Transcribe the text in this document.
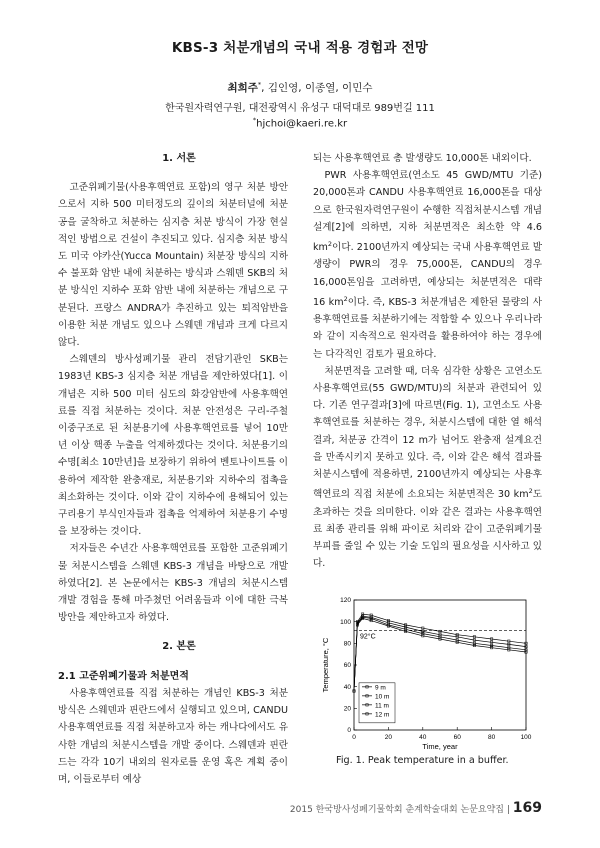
KBS-3 처분개념의 국내 적용 경험과 전망
최희주*, 김인영, 이종열, 이민수
한국원자력연구원, 대전광역시 유성구 대덕대로 989번길 111
*hjchoi@kaeri.re.kr

1. 서론

고준위폐기물(사용후핵연료 포함)의 영구 처분 방안으로서 지하 500 미터정도의 깊이의 처분터널에 처분공을 굴착하고 처분하는 심지층 처분 방식이 가장 현실적인 방법으로 건설이 추진되고 있다. 심지층 처분 방식도 미국 야카산(Yucca Mountain) 처분장 방식의 지하수 불포화 암반 내에 처분하는 방식과 스웨덴 SKB의 처분 방식인 지하수 포화 암반 내에 처분하는 개념으로 구분된다. 프랑스 ANDRA가 추진하고 있는 퇴적암반을 이용한 처분 개념도 있으나 스웨덴 개념과 크게 다르지 않다.

스웨덴의 방사성폐기물 관리 전담기관인 SKB는 1983년 KBS-3 심지층 처분 개념을 제안하였다[1]. 이 개념은 지하 500 미터 심도의 화강암반에 사용후핵연료를 직접 처분하는 것이다. 처분 안전성은 구리-주철 이중구조로 된 처분용기에 사용후핵연료를 넣어 10만년 이상 핵종 누출을 억제하겠다는 것이다. 처분용기의 수명[최소 10만년]을 보장하기 위하여 벤토나이트를 이용하여 제작한 완충재로, 처분용기와 지하수의 접촉을 최소화하는 것이다. 이와 같이 지하수에 용해되어 있는 구리용기 부식인자들과 접촉을 억제하여 처분용기 수명을 보장하는 것이다.

저자들은 수년간 사용후핵연료를 포함한 고준위폐기물 처분시스템을 스웨덴 KBS-3 개념을 바탕으로 개발하였다[2]. 본 논문에서는 KBS-3 개념의 처분시스템 개발 경험을 통해 마주쳤던 어려움들과 이에 대한 극복 방안을 제안하고자 하였다.

2. 본론

2.1 고준위폐기물과 처분면적

사용후핵연료를 직접 처분하는 개념인 KBS-3 처분방식은 스웨덴과 핀란드에서 실행되고 있으며, CANDU 사용후핵연료를 직접 처분하고자 하는 캐나다에서도 유사한 개념의 처분시스템을 개발 중이다. 스웨덴과 핀란드는 각각 10기 내외의 원자로를 운영 혹은 계획 중이며, 이들로부터 예상

되는 사용후핵연료 총 발생량도 10,000톤 내외이다.

PWR 사용후핵연료(연소도 45 GWD/MTU 기준) 20,000톤과 CANDU 사용후핵연료 16,000톤을 대상으로 한국원자력연구원이 수행한 직접처분시스템 개념설계[2]에 의하면, 지하 처분면적은 최소한 약 4.6 $km^2$이다. 2100년까지 예상되는 국내 사용후핵연료 발생량이 PWR의 경우 75,000톤, CANDU의 경우 16,000톤임을 고려하면, 예상되는 처분면적은 대략 16 $km^2$이다. 즉, KBS-3 처분개념은 제한된 물량의 사용후핵연료를 처분하기에는 적합할 수 있으나 우리나라와 같이 지속적으로 원자력을 활용하여야 하는 경우에는 다각적인 검토가 필요하다.

처분면적을 고려할 때, 더욱 심각한 상황은 고연소도 사용후핵연료(55 GWD/MTU)의 처분과 관련되어 있다. 기존 연구결과[3]에 따르면(Fig. 1), 고연소도 사용후핵연료를 처분하는 경우, 처분시스템에 대한 열 해석 결과, 처분공 간격이 12 m가 넘어도 완충재 설계요건을 만족시키지 못하고 있다. 즉, 이와 같은 해석 결과를 처분시스템에 적용하면, 2100년까지 예상되는 사용후핵연료의 직접 처분에 소요되는 처분면적은 30 $km^2$도 초과하는 것을 의미한다. 이와 같은 결과는 사용후핵연료 최종 관리를 위해 파이로 처리와 같이 고준위폐기물 부피를 줄일 수 있는 기술 도입의 필요성을 시사하고 있다.

0	20	40	60	80	100
0
20
40
60
80
100
120
Time, year
Temperature, °C
92°C
9 m
10 m
11 m
12 m
Fig. 1. Peak temperature in a buffer.
2015 한국방사성폐기물학회 춘계학술대회 논문요약집 | 169
